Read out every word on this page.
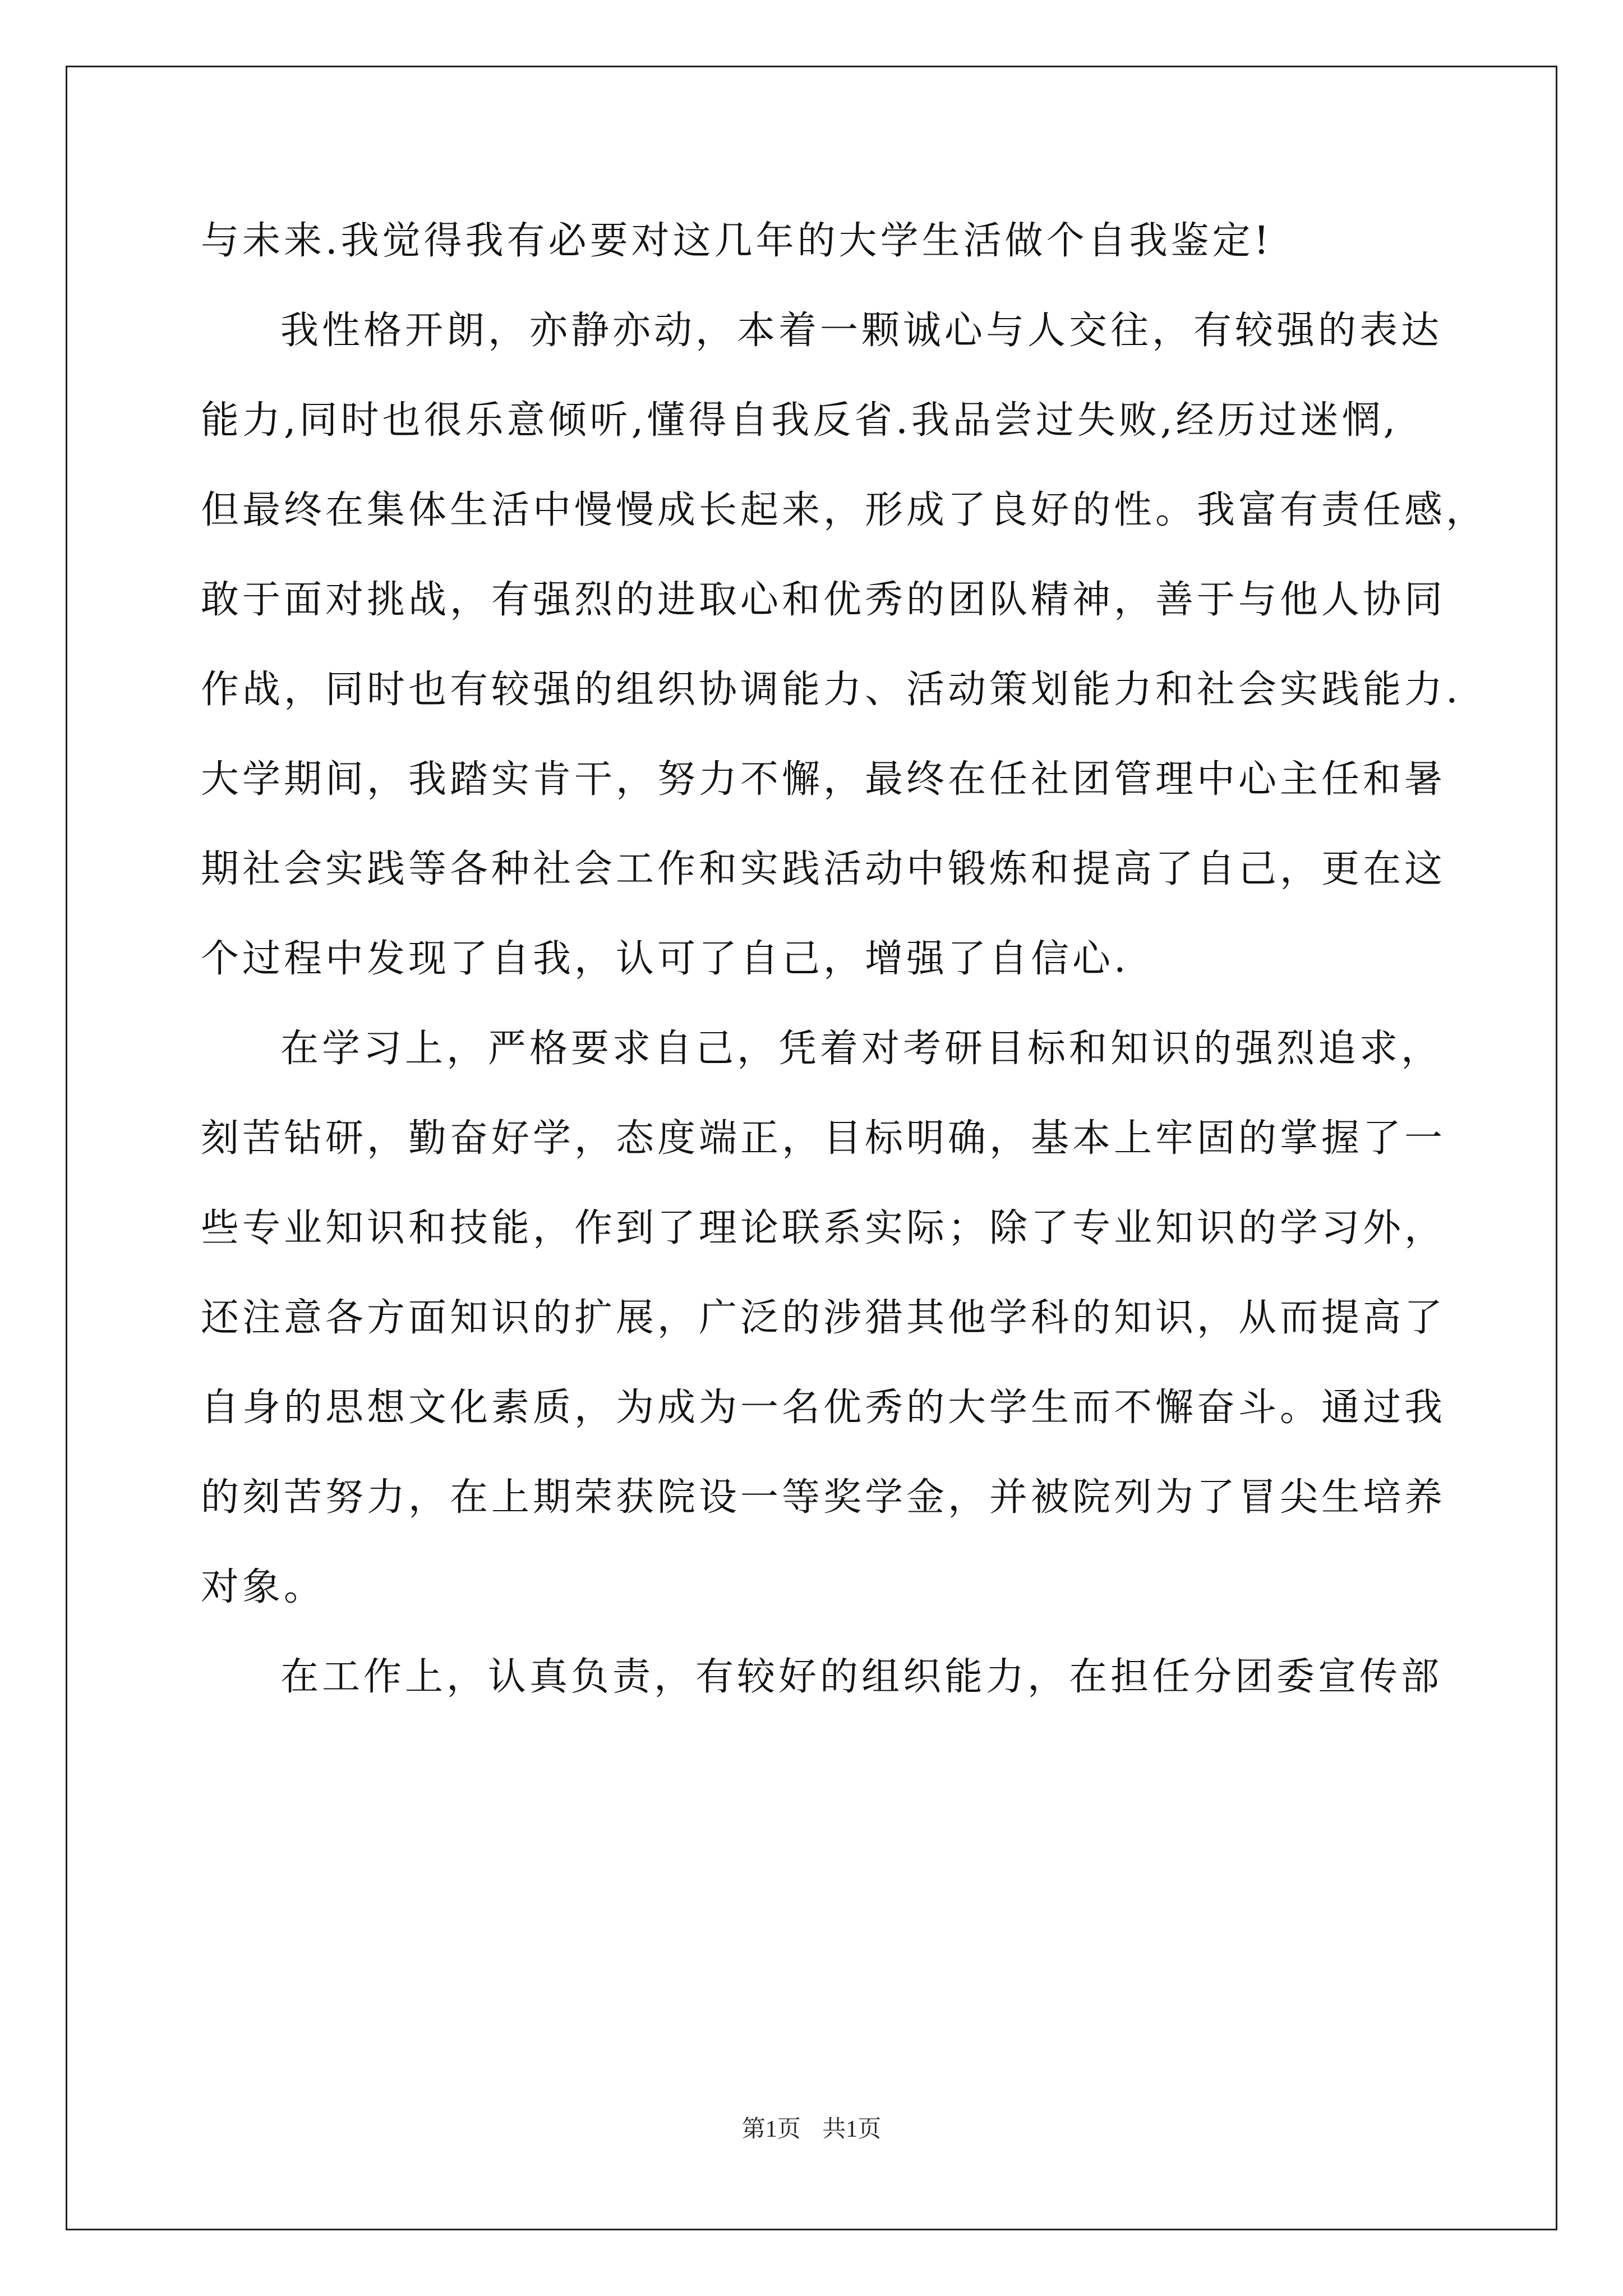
与未来.我觉得我有必要对这几年的大学生活做个自我鉴定!
我性格开朗，亦静亦动，本着一颗诚心与人交往，有较强的表达
能力,同时也很乐意倾听,懂得自我反省.我品尝过失败,经历过迷惘,
但最终在集体生活中慢慢成长起来，形成了良好的性。我富有责任感，
敢于面对挑战，有强烈的进取心和优秀的团队精神，善于与他人协同
作战，同时也有较强的组织协调能力、活动策划能力和社会实践能力.
大学期间，我踏实肯干，努力不懈，最终在任社团管理中心主任和暑
期社会实践等各种社会工作和实践活动中锻炼和提高了自己，更在这
个过程中发现了自我，认可了自己，增强了自信心.
在学习上，严格要求自己，凭着对考研目标和知识的强烈追求，
刻苦钻研，勤奋好学，态度端正，目标明确，基本上牢固的掌握了一
些专业知识和技能，作到了理论联系实际；除了专业知识的学习外，
还注意各方面知识的扩展，广泛的涉猎其他学科的知识，从而提高了
自身的思想文化素质，为成为一名优秀的大学生而不懈奋斗。通过我
的刻苦努力，在上期荣获院设一等奖学金，并被院列为了冒尖生培养
对象。
在工作上，认真负责，有较好的组织能力，在担任分团委宣传部
第1页 共1页
